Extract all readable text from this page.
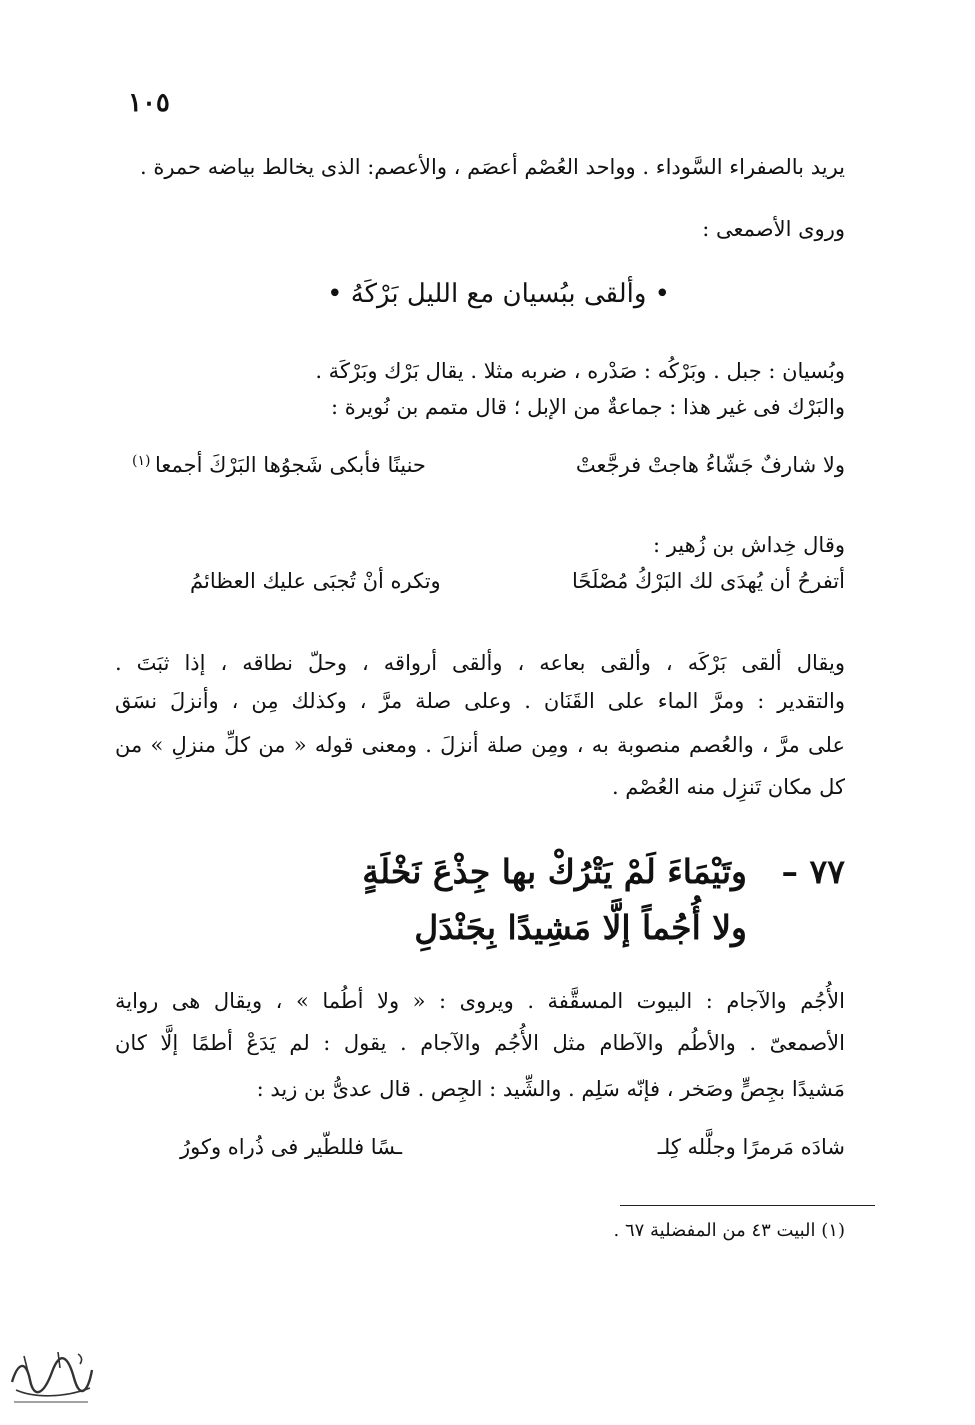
١٠٥
يريد بالصفراء السَّوداء . وواحد العُصْم أعصَم ، والأعصم: الذى يخالط بياضه حمرة .
وروى الأصمعى :
• وألقى ببُسيان مع الليل بَرْكَهُ •
وبُسيان : جبل . وبَرْكُه : صَدْره ، ضربه مثلا . يقال بَرْك وبَرْكَة .
والبَرْك فى غير هذا : جماعةٌ من الإبل ؛ قال متمم بن نُويرة :
ولا شارفٌ جَشّاءُ هاجتْ فرجَّعتْ
حنينًا فأبكى شَجوُها البَرْكَ أجمعا
(١)
وقال خِداش بن زُهير :
أتفرحُ أن يُهدَى لك البَرْكُ مُصْلَحًا
وتكره أنْ تُجبَى عليك العظائمُ
ويقال ألقى بَرْكَه ، وألقى بعاعه ، وألقى أرواقه ، وحلّ نطاقه ، إذا ثبَتَ .
والتقدير : ومرَّ الماء على القَنَان . وعلى صلة مرَّ ، وكذلك مِن ، وأنزلَ نسَق
على مرَّ ، والعُصم منصوبة به ، ومِن صلة أنزلَ . ومعنى قوله « من كلِّ منزلِ » من
كل مكان تَنزِل منه العُصْم .
٧٧ –
وتَيْمَاءَ لَمْ يَتْرُكْ بها جِذْعَ نَخْلَةٍ
ولا أُجُماً إلَّا مَشِيدًا بِجَنْدَلِ
الأُجُم والآجام : البيوت المسقَّفة . ويروى : « ولا أطُما » ، ويقال هى رواية
الأصمعىّ . والأطُم والآطام مثل الأُجُم والآجام . يقول : لم يَدَعْ أطمًا إلَّا كان
مَشيدًا بجِصٍّ وصَخر ، فإنّه سَلِم . والشِّيد : الجِص . قال عدىُّ بن زيد :
شادَه مَرمرًا وجلَّله كِلـ
ـسًا فللطّير فى ذُراه وكورُ
(١) البيت ٤٣ من المفضلية ٦٧ .
